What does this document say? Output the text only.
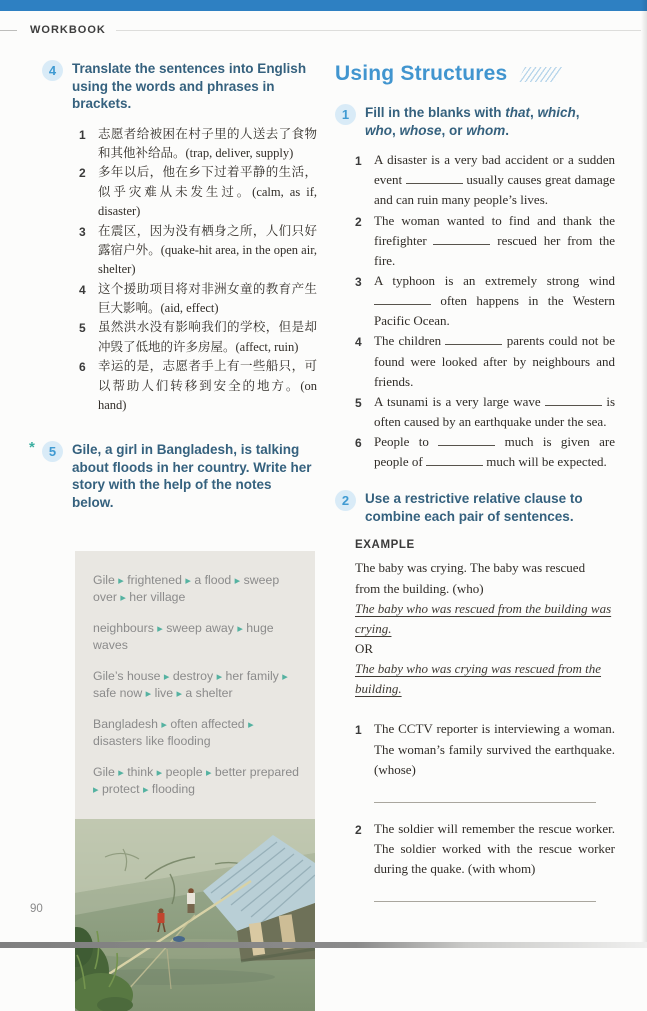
WORKBOOK
4	Translate the sentences into English using the words and phrases in brackets.
1 志愿者给被困在村子里的人送去了食物和其他补给品。(trap, deliver, supply)
2 多年以后，他在乡下过着平静的生活，似乎灾难从未发生过。(calm, as if, disaster)
3 在震区，因为没有栖身之所，人们只好露宿户外。(quake-hit area, in the open air, shelter)
4 这个援助项目将对非洲女童的教育产生巨大影响。(aid, effect)
5 虽然洪水没有影响我们的学校，但是却冲毁了低地的许多房屋。(affect, ruin)
6 幸运的是，志愿者手上有一些船只，可以帮助人们转移到安全的地方。(on hand)
*	5	Gile, a girl in Bangladesh, is talking about floods in her country. Write her story with the help of the notes below.
Gile ▸ frightened ▸ a flood ▸ sweep over ▸ her village
neighbours ▸ sweep away ▸ huge waves
Gile’s house ▸ destroy ▸ her family ▸ safe now ▸ live ▸ a shelter
Bangladesh ▸ often affected ▸ disasters like flooding
Gile ▸ think ▸ people ▸ better prepared ▸ protect ▸ flooding
Using Structures
1	Fill in the blanks with that, which, who, whose, or whom.
1 A disaster is a very bad accident or a sudden event	usually causes great damage and can ruin many people’s lives.
2 The woman wanted to find and thank the firefighter	rescued her from the fire.
3 A typhoon is an extremely strong wind  often happens in the Western Pacific Ocean.
4 The children	parents could not be found were looked after by neighbours and friends.
5 A tsunami is a very large wave	is often caused by an earthquake under the sea.
6 People to	much is given are people of	much will be expected.
2	Use a restrictive relative clause to combine each pair of sentences.
EXAMPLE
The baby was crying. The baby was rescued from the building. (who)
The baby who was rescued from the building was crying.
OR
The baby who was crying was rescued from the building.
1 The CCTV reporter is interviewing a woman. The woman’s family survived the earthquake. (whose)
2 The soldier will remember the rescue worker. The soldier worked with the rescue worker during the quake. (with whom)
90
